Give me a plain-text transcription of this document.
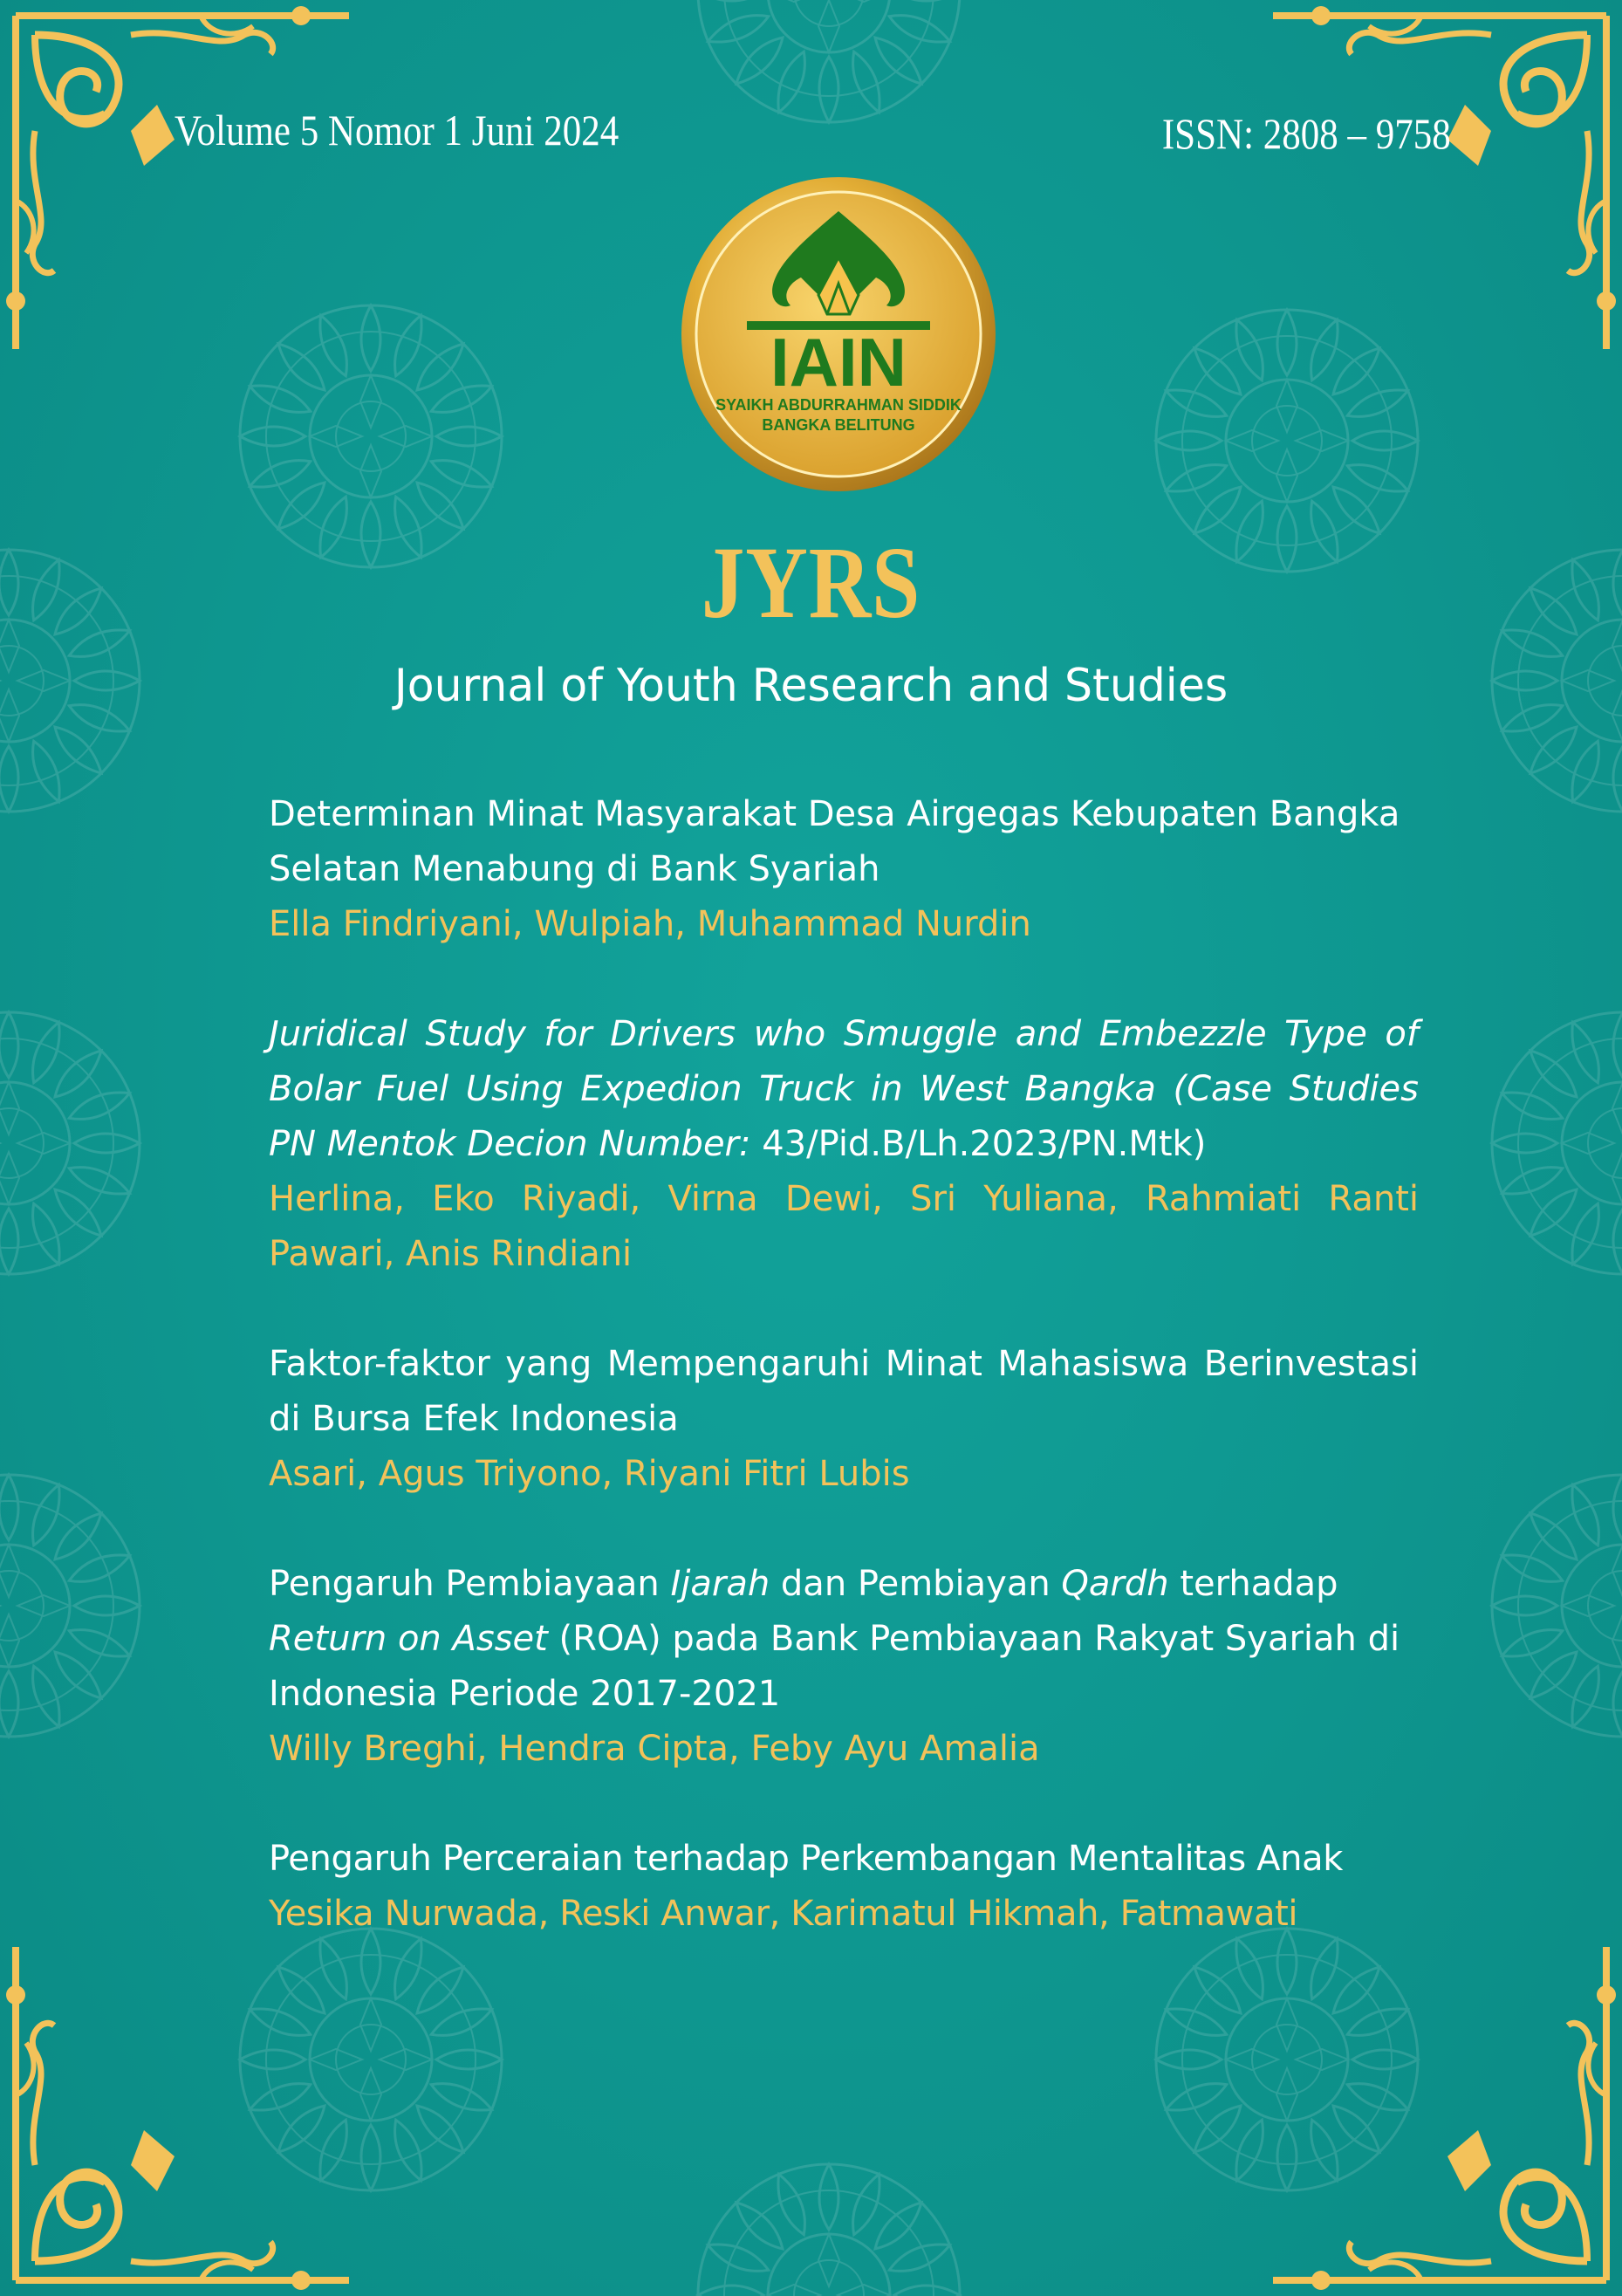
Volume 5 Nomor 1 Juni 2024	ISSN: 2808 – 9758
IAIN
SYAIKH ABDURRAHMAN SIDDIK
BANGKA BELITUNG
JYRS
Journal of Youth Research and Studies
Determinan Minat Masyarakat Desa Airgegas Kebupaten Bangka Selatan Menabung di Bank Syariah
Ella Findriyani, Wulpiah, Muhammad Nurdin
Juridical Study for Drivers who Smuggle and Embezzle Type of Bolar Fuel Using Expedion Truck in West Bangka (Case Studies PN Mentok Decion Number: 43/Pid.B/Lh.2023/PN.Mtk)
Herlina, Eko Riyadi, Virna Dewi, Sri Yuliana, Rahmiati Ranti Pawari, Anis Rindiani
Faktor-faktor yang Mempengaruhi Minat Mahasiswa Berinvestasi di Bursa Efek Indonesia
Asari, Agus Triyono, Riyani Fitri Lubis
Pengaruh Pembiayaan Ijarah dan Pembiayan Qardh terhadap
Return on Asset (ROA) pada Bank Pembiayaan Rakyat Syariah di Indonesia Periode 2017-2021
Willy Breghi, Hendra Cipta, Feby Ayu Amalia
Pengaruh Perceraian terhadap Perkembangan Mentalitas Anak
Yesika Nurwada, Reski Anwar, Karimatul Hikmah, Fatmawati
